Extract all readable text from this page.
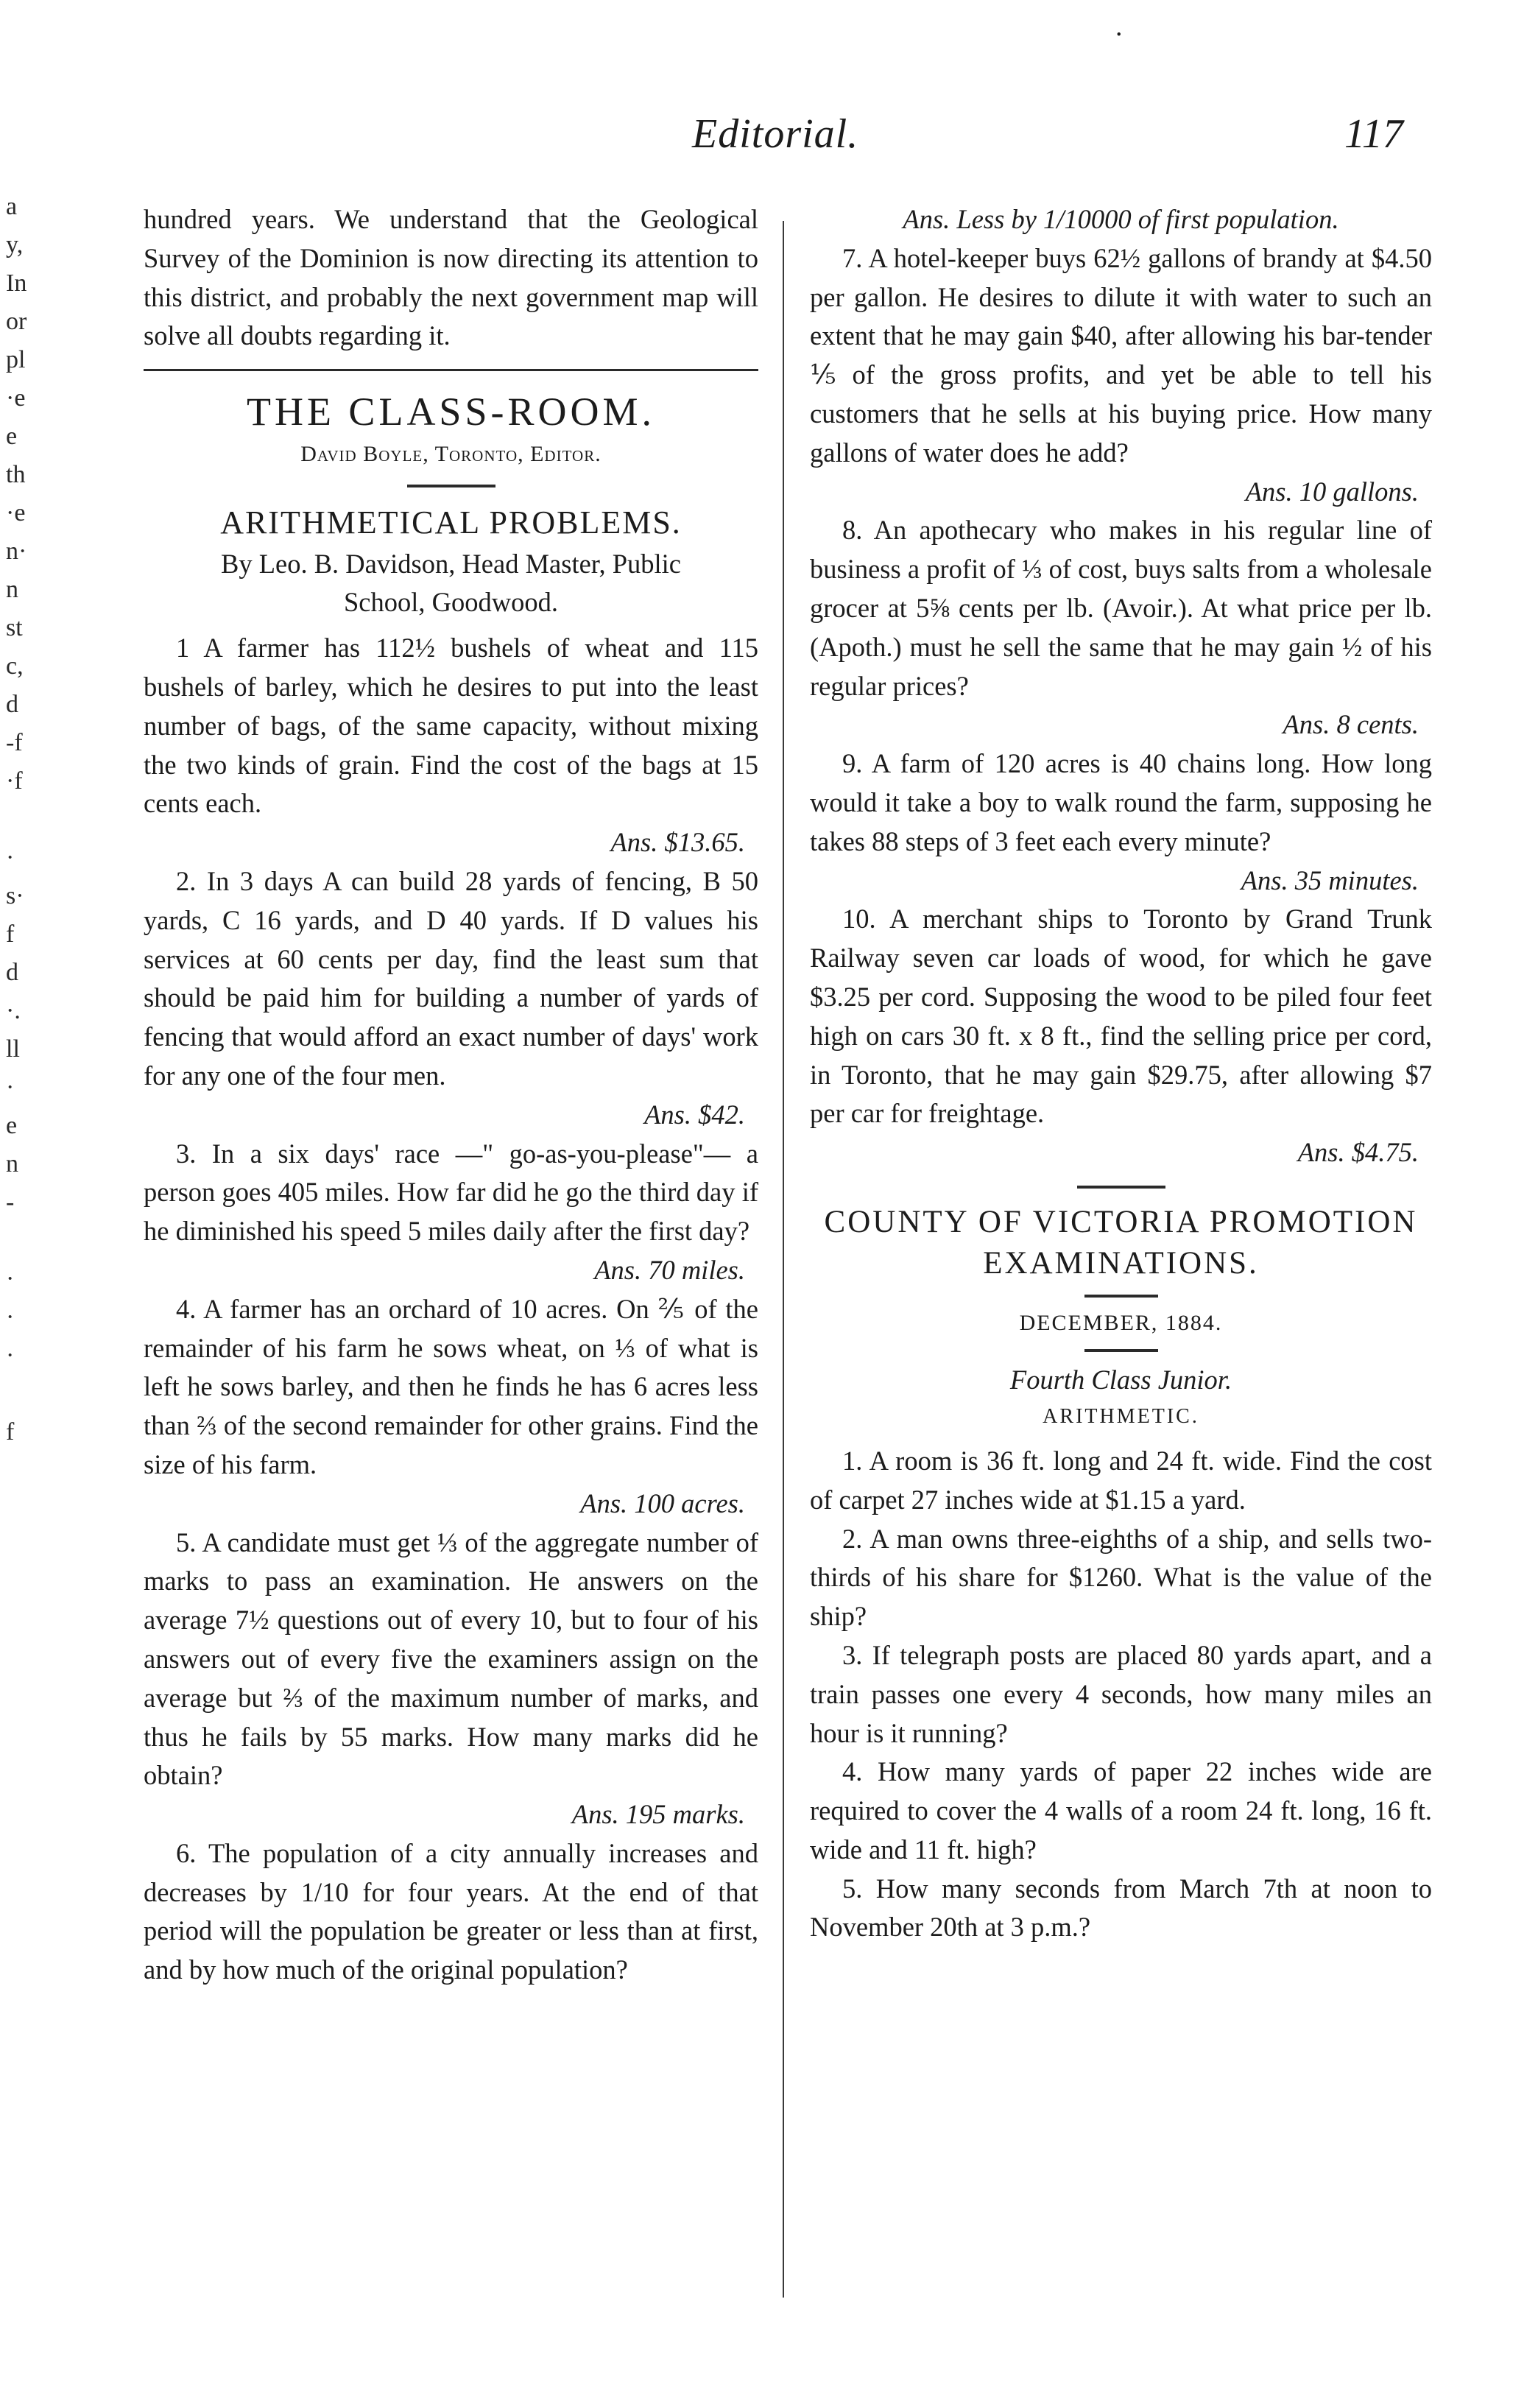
.
Editorial.	117
a
y,
In
or
pl
·e
e
th
·e
n·
n
st
c,
d
-f
·f
·
s·
f
d
·.
ll
·
e
n
-
·
·
·
f

hundred years. We understand that the Geological Survey of the Dominion is now directing its attention to this district, and probably the next government map will solve all doubts regarding it.

THE CLASS-ROOM.
David Boyle, Toronto, Editor.
ARITHMETICAL PROBLEMS.

By Leo. B. Davidson, Head Master, Public
School, Goodwood.

1 A farmer has 112½ bushels of wheat and 115 bushels of barley, which he desires to put into the least number of bags, of the same capacity, without mixing the two kinds of grain. Find the cost of the bags at 15 cents each.

Ans. $13.65.

2. In 3 days A can build 28 yards of fencing, B 50 yards, C 16 yards, and D 40 yards. If D values his services at 60 cents per day, find the least sum that should be paid him for building a number of yards of fencing that would afford an exact number of days' work for any one of the four men.

Ans. $42.

3. In a six days' race —" go-as-you-please"— a person goes 405 miles. How far did he go the third day if he diminished his speed 5 miles daily after the first day?

Ans. 70 miles.

4. A farmer has an orchard of 10 acres. On ⅖ of the remainder of his farm he sows wheat, on ⅓ of what is left he sows barley, and then he finds he has 6 acres less than ⅔ of the second remainder for other grains. Find the size of his farm.

Ans. 100 acres.

5. A candidate must get ⅓ of the aggregate number of marks to pass an examination. He answers on the average 7½ questions out of every 10, but to four of his answers out of every five the examiners assign on the average but ⅔ of the maximum number of marks, and thus he fails by 55 marks. How many marks did he obtain?

Ans. 195 marks.

6. The population of a city annually increases and decreases by 1/10 for four years. At the end of that period will the population be greater or less than at first, and by how much of the original population?

Ans. Less by 1/10000 of first population.

7. A hotel-keeper buys 62½ gallons of brandy at $4.50 per gallon. He desires to dilute it with water to such an extent that he may gain $40, after allowing his bar-tender ⅕ of the gross profits, and yet be able to tell his customers that he sells at his buying price. How many gallons of water does he add?

Ans. 10 gallons.

8. An apothecary who makes in his regular line of business a profit of ⅓ of cost, buys salts from a wholesale grocer at 5⅝ cents per lb. (Avoir.). At what price per lb. (Apoth.) must he sell the same that he may gain ½ of his regular prices?

Ans. 8 cents.

9. A farm of 120 acres is 40 chains long. How long would it take a boy to walk round the farm, supposing he takes 88 steps of 3 feet each every minute?

Ans. 35 minutes.

10. A merchant ships to Toronto by Grand Trunk Railway seven car loads of wood, for which he gave $3.25 per cord. Supposing the wood to be piled four feet high on cars 30 ft. x 8 ft., find the selling price per cord, in Toronto, that he may gain $29.75, after allowing $7 per car for freightage.

Ans. $4.75.

COUNTY OF VICTORIA PROMOTION EXAMINATIONS.
DECEMBER, 1884.
Fourth Class Junior.
ARITHMETIC.

1. A room is 36 ft. long and 24 ft. wide. Find the cost of carpet 27 inches wide at $1.15 a yard.

2. A man owns three-eighths of a ship, and sells two-thirds of his share for $1260. What is the value of the ship?

3. If telegraph posts are placed 80 yards apart, and a train passes one every 4 seconds, how many miles an hour is it running?

4. How many yards of paper 22 inches wide are required to cover the 4 walls of a room 24 ft. long, 16 ft. wide and 11 ft. high?

5. How many seconds from March 7th at noon to November 20th at 3 p.m.?
